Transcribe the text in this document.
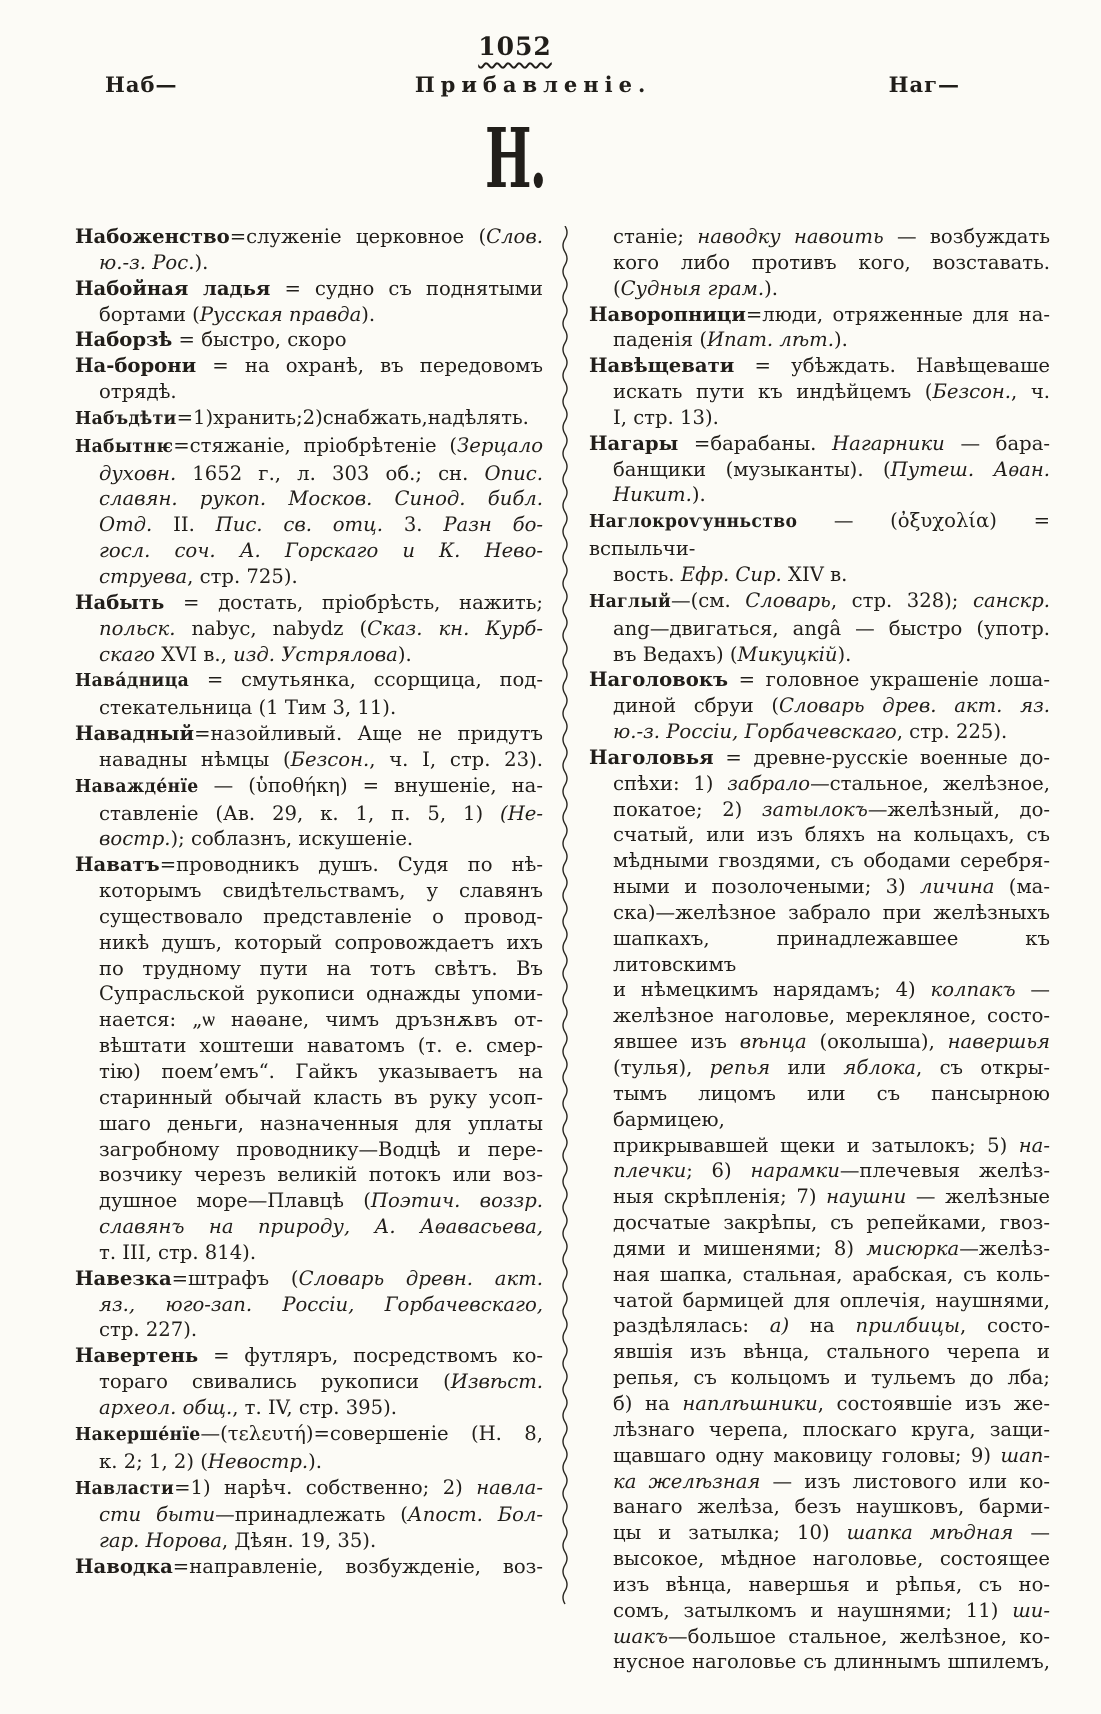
1052
Наб—	Прибавленіе.	Наг—
Н.
Набоженство=служеніе церковное (Слов.
ю.-з. Рос.).
Набойная ладья = судно съ поднятыми
бортами (Русская правда).
Наборзѣ = быстро, скоро
На-борони = на охранѣ, въ передовомъ
отрядѣ.
Набъдѣти=1)хранить;2)снабжать,надѣлять.
Набытнѥ=стяжаніе, пріобрѣтеніе (Зерцало
духовн. 1652 г., л. 303 об.; сн. Опис.
славян. рукоп. Москов. Синод. библ.
Отд. II. Пис. св. отц. 3. Разн бо-
госл. соч. А. Горскаго и К. Нево-
струева, стр. 725).
Набыть = достать, пріобрѣсть, нажить;
польск. nabyc, nabydz (Сказ. кн. Курб-
скаго XVI в., изд. Устрялова).
Нава́дница = смутьянка, ссорщица, под-
стекательница (1 Тим 3, 11).
Навадный=назойливый. Аще не придутъ
навадны нѣмцы (Безсон., ч. I, стр. 23).
Наважде́нїе — (ὑποθήκη) = внушеніе, на-
ставленіе (Ав. 29, к. 1, п. 5, 1) (Не-
востр.); соблазнъ, искушеніе.
Наватъ=проводникъ душъ. Судя по нѣ-
которымъ свидѣтельствамъ, у славянъ
существовало представленіе о провод-
никѣ душъ, который сопровождаетъ ихъ
по трудному пути на тотъ свѣтъ. Въ
Супрасльской рукописи однажды упоми-
нается: „ѡ наѳане, чимъ дръзнѫвъ от-
вѣштати хоштеши наватомъ (т. е. смер-
тію) поем’емъ“. Гайкъ указываетъ на
старинный обычай класть въ руку усоп-
шаго деньги, назначенныя для уплаты
загробному проводнику—Водцѣ и пере-
возчику черезъ великій потокъ или воз-
душное море—Плавцѣ (Поэтич. воззр.
славянъ на природу, А. Аѳавасьева,
т. III, стр. 814).
Навезка=штрафъ (Словарь древн. акт.
яз., юго-зап. Россіи, Горбачевскаго,
стр. 227).
Навертень = футляръ, посредствомъ ко-
тораго свивались рукописи (Извѣст.
археол. общ., т. IV, стр. 395).
Накерше́нїе—(τελευτή)=совершеніе (Н. 8,
к. 2; 1, 2) (Невостр.).
Навласти=1) нарѣч. собственно; 2) навла-
сти быти—принадлежать (Апост. Бол-
гар. Норова, Дѣян. 19, 35).
Наводка=направленіе, возбужденіе, воз-
станіе; наводку навоить — возбуждать
кого либо противъ кого, возставать.
(Судныя грам.).
Наворопници=люди, отряженные для на-
паденія (Ипат. лѣт.).
Навѣщевати = убѣждать. Навѣщеваше
искать пути къ индѣйцемъ (Безсон., ч.
I, стр. 13).
Нагары =барабаны. Нагарники — бара-
банщики (музыканты). (Путеш. Аѳан.
Никит.).
Наглокроѵунньство — (ὀξυχολία) = вспыльчи-
вость. Ефр. Сир. XIV в.
Наглый—(см. Словарь, стр. 328); санскр.
ang—двигаться, angâ — быстро (употр.
въ Ведахъ) (Микуцкій).
Наголовокъ = головное украшеніе лоша-
диной сбруи (Словарь древ. акт. яз.
ю.-з. Россіи, Горбачевскаго, стр. 225).
Наголовья = древне-русскіе военные до-
спѣхи: 1) забрало—стальное, желѣзное,
покатое; 2) затылокъ—желѣзный, до-
счатый, или изъ бляхъ на кольцахъ, съ
мѣдными гвоздями, съ ободами серебря-
ными и позолочеными; 3) личина (ма-
ска)—желѣзное забрало при желѣзныхъ
шапкахъ, принадлежавшее къ литовскимъ
и нѣмецкимъ нарядамъ; 4) колпакъ —
желѣзное наголовье, мерекляное, состо-
явшее изъ вѣнца (околыша), навершья
(тулья), репья или яблока, съ откры-
тымъ лицомъ или съ пансырною бармицею,
прикрывавшей щеки и затылокъ; 5) на-
плечки; 6) нарамки—плечевыя желѣз-
ныя скрѣпленія; 7) наушни — желѣзные
досчатые закрѣпы, съ репейками, гвоз-
дями и мишенями; 8) мисюрка—желѣз-
ная шапка, стальная, арабская, съ коль-
чатой бармицей для оплечія, наушнями,
раздѣлялась: а) на прилбицы, состо-
явшія изъ вѣнца, стального черепа и
репья, съ кольцомъ и тульемъ до лба;
б) на наплѣшники, состоявшіе изъ же-
лѣзнаго черепа, плоскаго круга, защи-
щавшаго одну маковицу головы; 9) шап-
ка желѣзная — изъ листового или ко-
ванаго желѣза, безъ наушковъ, барми-
цы и затылка; 10) шапка мѣдная —
высокое, мѣдное наголовье, состоящее
изъ вѣнца, навершья и рѣпья, съ но-
сомъ, затылкомъ и наушнями; 11) ши-
шакъ—большое стальное, желѣзное, ко-
нусное наголовье съ длиннымъ шпилемъ,
